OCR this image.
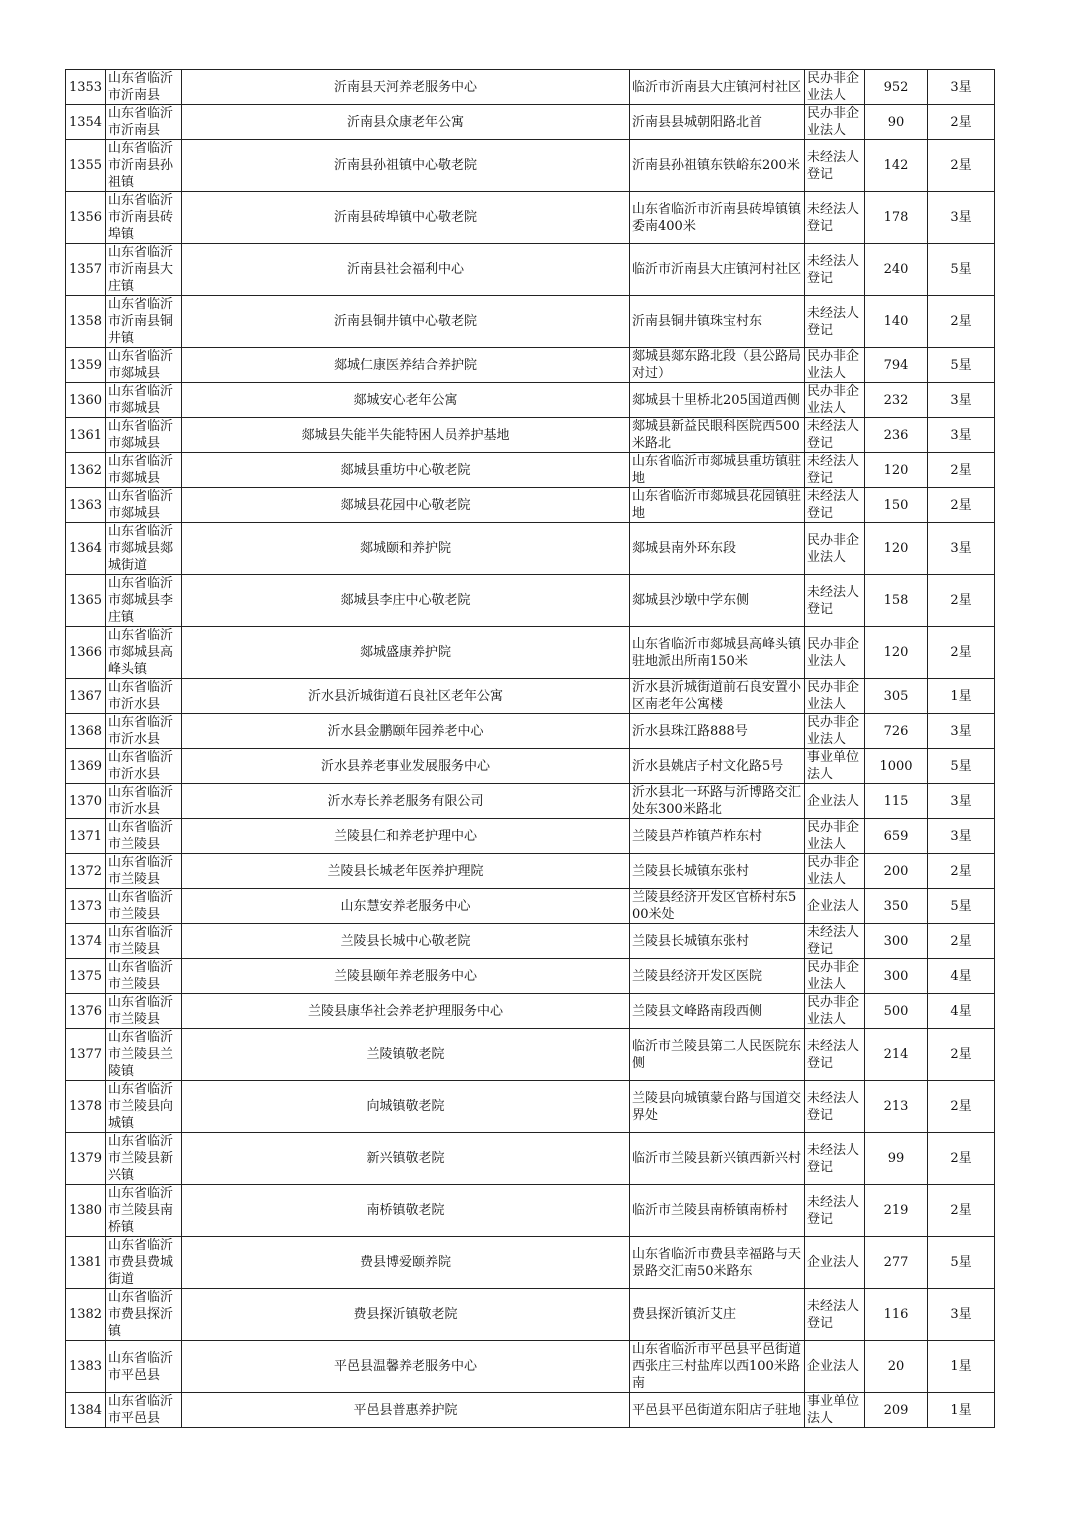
1353	山东省临沂市沂南县	沂南县天河养老服务中心	临沂市沂南县大庄镇河村社区	民办非企业法人	952	3星
1354	山东省临沂市沂南县	沂南县众康老年公寓	沂南县县城朝阳路北首	民办非企业法人	90	2星
1355	山东省临沂市沂南县孙祖镇	沂南县孙祖镇中心敬老院	沂南县孙祖镇东铁峪东200米	未经法人登记	142	2星
1356	山东省临沂市沂南县砖埠镇	沂南县砖埠镇中心敬老院	山东省临沂市沂南县砖埠镇镇委南400米	未经法人登记	178	3星
1357	山东省临沂市沂南县大庄镇	沂南县社会福利中心	临沂市沂南县大庄镇河村社区	未经法人登记	240	5星
1358	山东省临沂市沂南县铜井镇	沂南县铜井镇中心敬老院	沂南县铜井镇珠宝村东	未经法人登记	140	2星
1359	山东省临沂市郯城县	郯城仁康医养结合养护院	郯城县郯东路北段（县公路局对过）	民办非企业法人	794	5星
1360	山东省临沂市郯城县	郯城安心老年公寓	郯城县十里桥北205国道西侧	民办非企业法人	232	3星
1361	山东省临沂市郯城县	郯城县失能半失能特困人员养护基地	郯城县新益民眼科医院西500米路北	未经法人登记	236	3星
1362	山东省临沂市郯城县	郯城县重坊中心敬老院	山东省临沂市郯城县重坊镇驻地	未经法人登记	120	2星
1363	山东省临沂市郯城县	郯城县花园中心敬老院	山东省临沂市郯城县花园镇驻地	未经法人登记	150	2星
1364	山东省临沂市郯城县郯城街道	郯城颐和养护院	郯城县南外环东段	民办非企业法人	120	3星
1365	山东省临沂市郯城县李庄镇	郯城县李庄中心敬老院	郯城县沙墩中学东侧	未经法人登记	158	2星
1366	山东省临沂市郯城县高峰头镇	郯城盛康养护院	山东省临沂市郯城县高峰头镇驻地派出所南150米	民办非企业法人	120	2星
1367	山东省临沂市沂水县	沂水县沂城街道石良社区老年公寓	沂水县沂城街道前石良安置小区南老年公寓楼	民办非企业法人	305	1星
1368	山东省临沂市沂水县	沂水县金鹏颐年园养老中心	沂水县珠江路888号	民办非企业法人	726	3星
1369	山东省临沂市沂水县	沂水县养老事业发展服务中心	沂水县姚店子村文化路5号	事业单位法人	1000	5星
1370	山东省临沂市沂水县	沂水寿长养老服务有限公司	沂水县北一环路与沂博路交汇处东300米路北	企业法人	115	3星
1371	山东省临沂市兰陵县	兰陵县仁和养老护理中心	兰陵县芦柞镇芦柞东村	民办非企业法人	659	3星
1372	山东省临沂市兰陵县	兰陵县长城老年医养护理院	兰陵县长城镇东张村	民办非企业法人	200	2星
1373	山东省临沂市兰陵县	山东慧安养老服务中心	兰陵县经济开发区官桥村东500米处	企业法人	350	5星
1374	山东省临沂市兰陵县	兰陵县长城中心敬老院	兰陵县长城镇东张村	未经法人登记	300	2星
1375	山东省临沂市兰陵县	兰陵县颐年养老服务中心	兰陵县经济开发区医院	民办非企业法人	300	4星
1376	山东省临沂市兰陵县	兰陵县康华社会养老护理服务中心	兰陵县文峰路南段西侧	民办非企业法人	500	4星
1377	山东省临沂市兰陵县兰陵镇	兰陵镇敬老院	临沂市兰陵县第二人民医院东侧	未经法人登记	214	2星
1378	山东省临沂市兰陵县向城镇	向城镇敬老院	兰陵县向城镇蒙台路与国道交界处	未经法人登记	213	2星
1379	山东省临沂市兰陵县新兴镇	新兴镇敬老院	临沂市兰陵县新兴镇西新兴村	未经法人登记	99	2星
1380	山东省临沂市兰陵县南桥镇	南桥镇敬老院	临沂市兰陵县南桥镇南桥村	未经法人登记	219	2星
1381	山东省临沂市费县费城街道	费县博爱颐养院	山东省临沂市费县幸福路与天景路交汇南50米路东	企业法人	277	5星
1382	山东省临沂市费县探沂镇	费县探沂镇敬老院	费县探沂镇沂艾庄	未经法人登记	116	3星
1383	山东省临沂市平邑县	平邑县温馨养老服务中心	山东省临沂市平邑县平邑街道西张庄三村盐库以西100米路南	企业法人	20	1星
1384	山东省临沂市平邑县	平邑县普惠养护院	平邑县平邑街道东阳店子驻地	事业单位法人	209	1星
